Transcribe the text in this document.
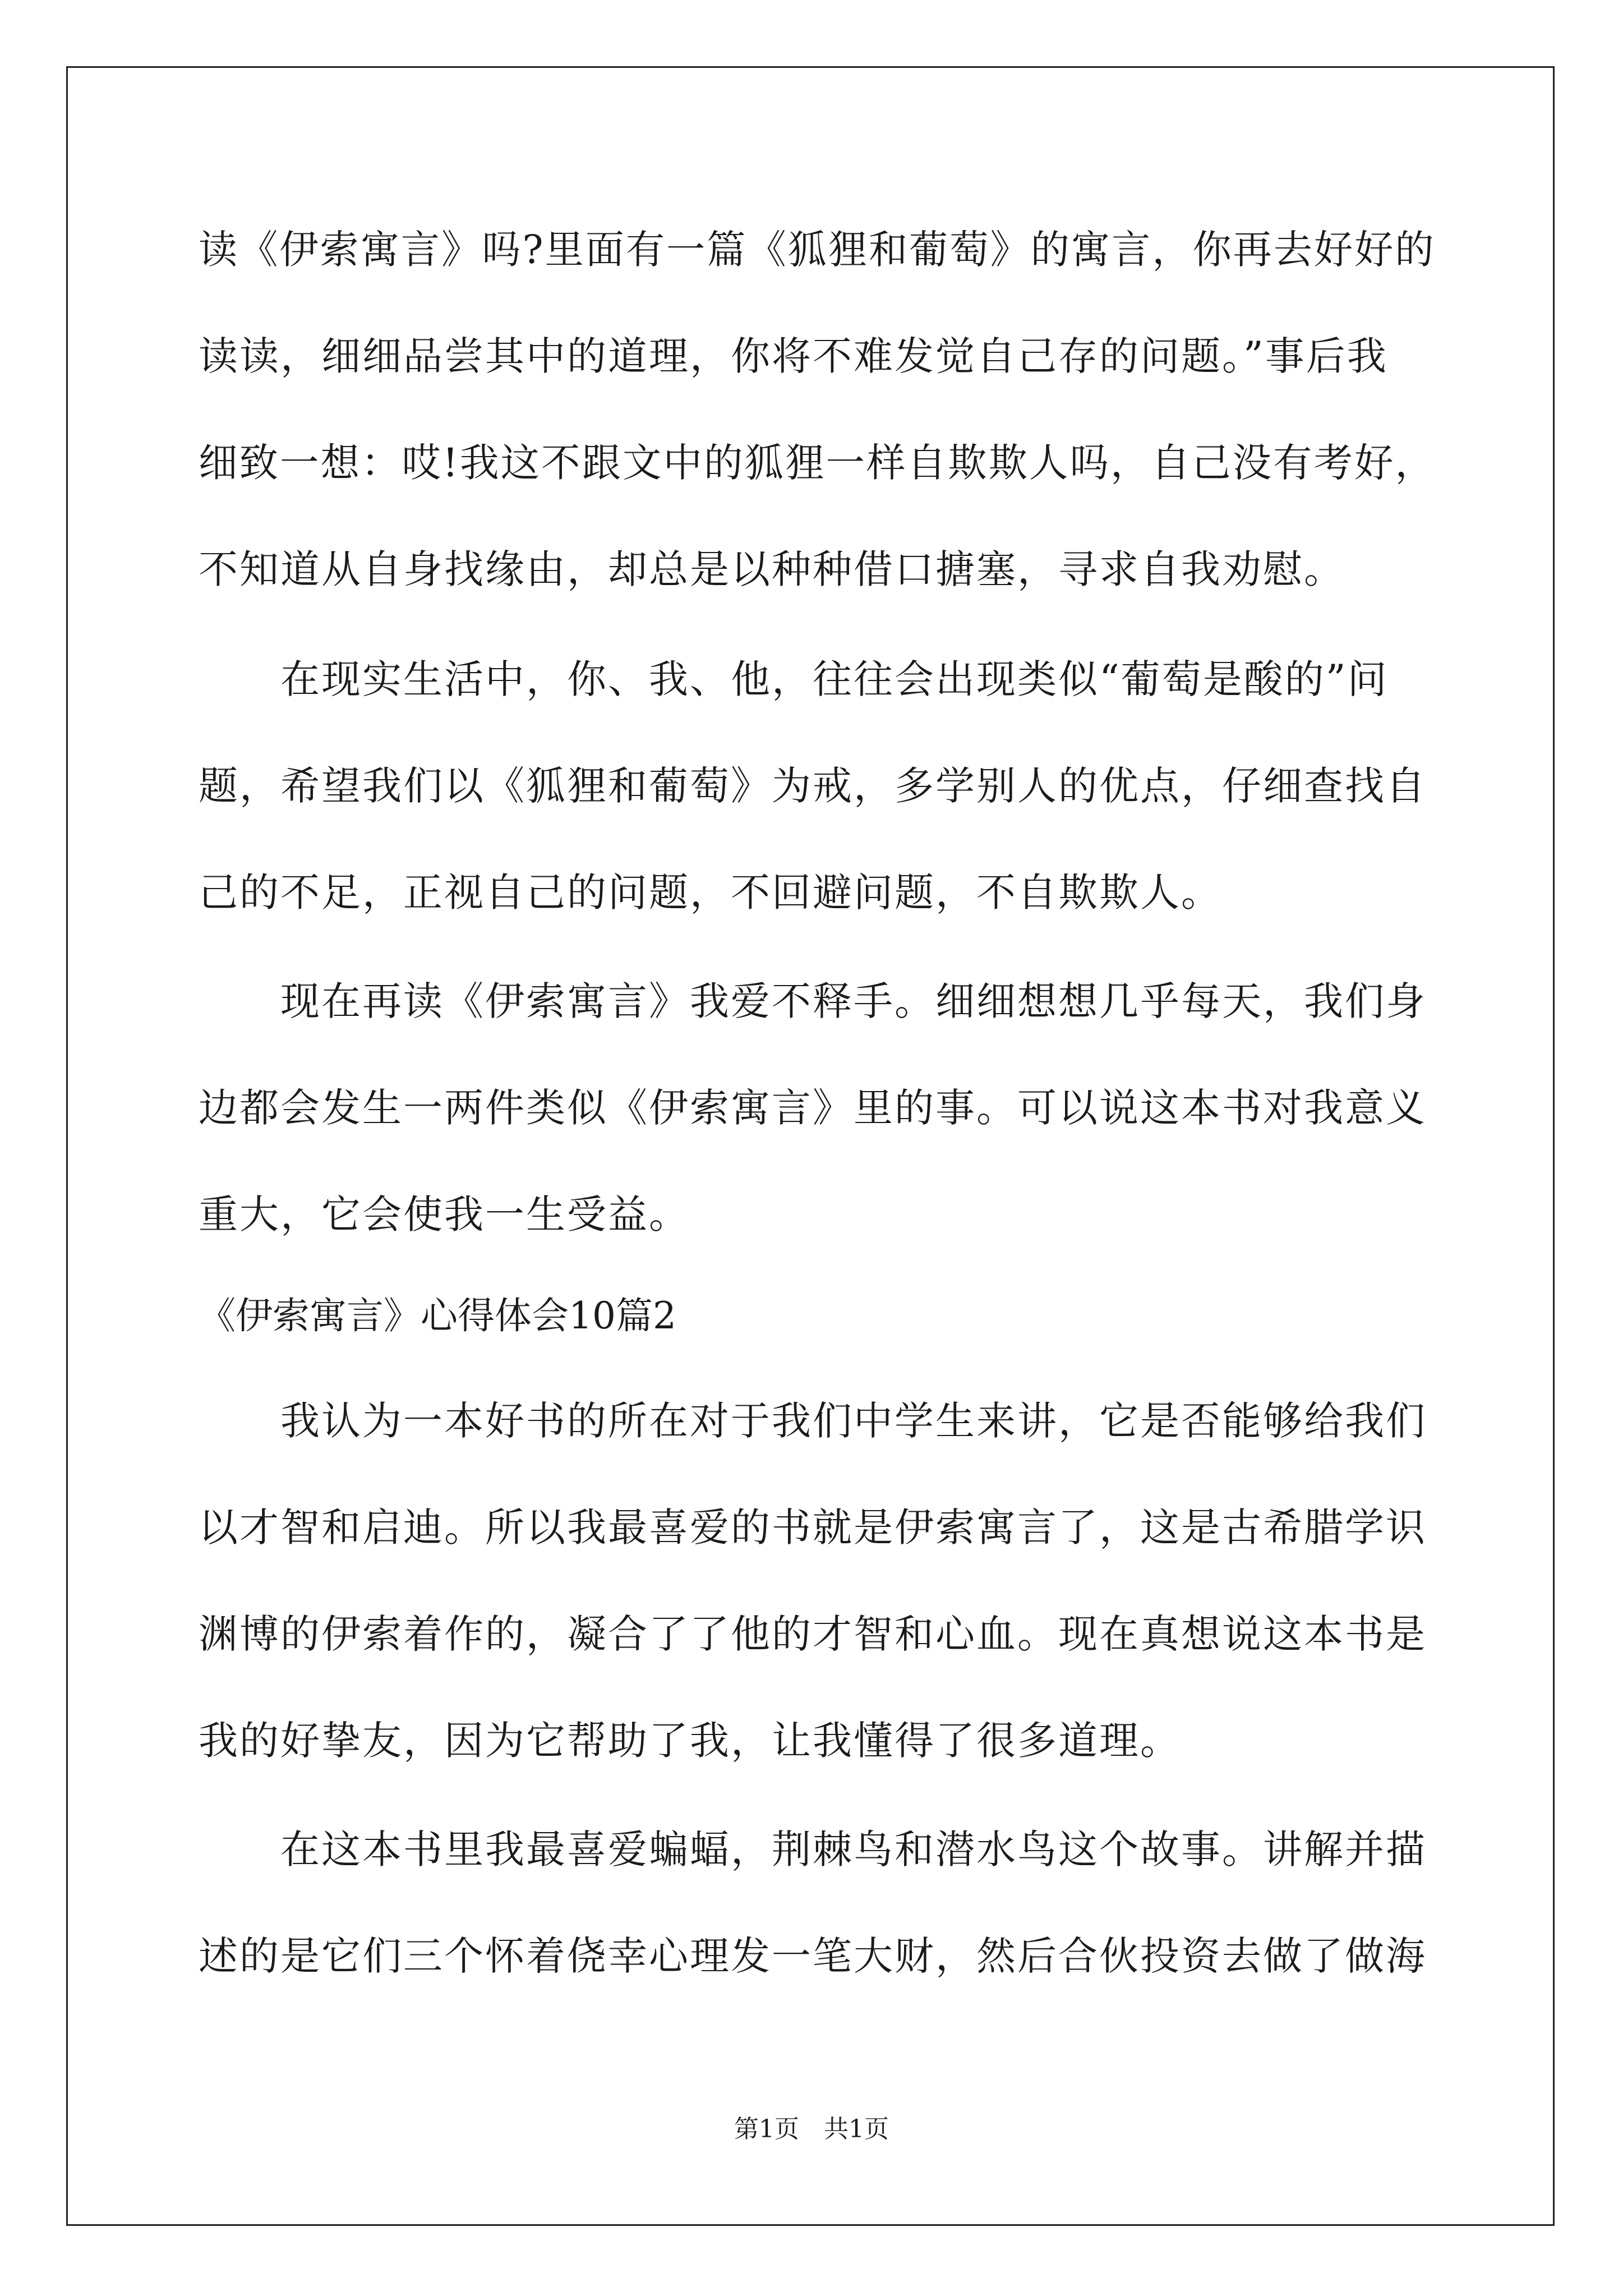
读《伊索寓言》吗?里面有一篇《狐狸和葡萄》的寓言，你再去好好的

读读，细细品尝其中的道理，你将不难发觉自己存的问题。”事后我

细致一想：哎!我这不跟文中的狐狸一样自欺欺人吗，自己没有考好，

不知道从自身找缘由，却总是以种种借口搪塞，寻求自我劝慰。

在现实生活中，你、我、他，往往会出现类似“葡萄是酸的”问

题，希望我们以《狐狸和葡萄》为戒，多学别人的优点，仔细查找自

己的不足，正视自己的问题，不回避问题，不自欺欺人。

现在再读《伊索寓言》我爱不释手。细细想想几乎每天，我们身

边都会发生一两件类似《伊索寓言》里的事。可以说这本书对我意义

重大，它会使我一生受益。

《伊索寓言》心得体会10篇2

我认为一本好书的所在对于我们中学生来讲，它是否能够给我们

以才智和启迪。所以我最喜爱的书就是伊索寓言了，这是古希腊学识

渊博的伊索着作的，凝合了了他的才智和心血。现在真想说这本书是

我的好挚友，因为它帮助了我，让我懂得了很多道理。

在这本书里我最喜爱蝙蝠，荆棘鸟和潜水鸟这个故事。讲解并描

述的是它们三个怀着侥幸心理发一笔大财，然后合伙投资去做了做海

第1页 共1页
